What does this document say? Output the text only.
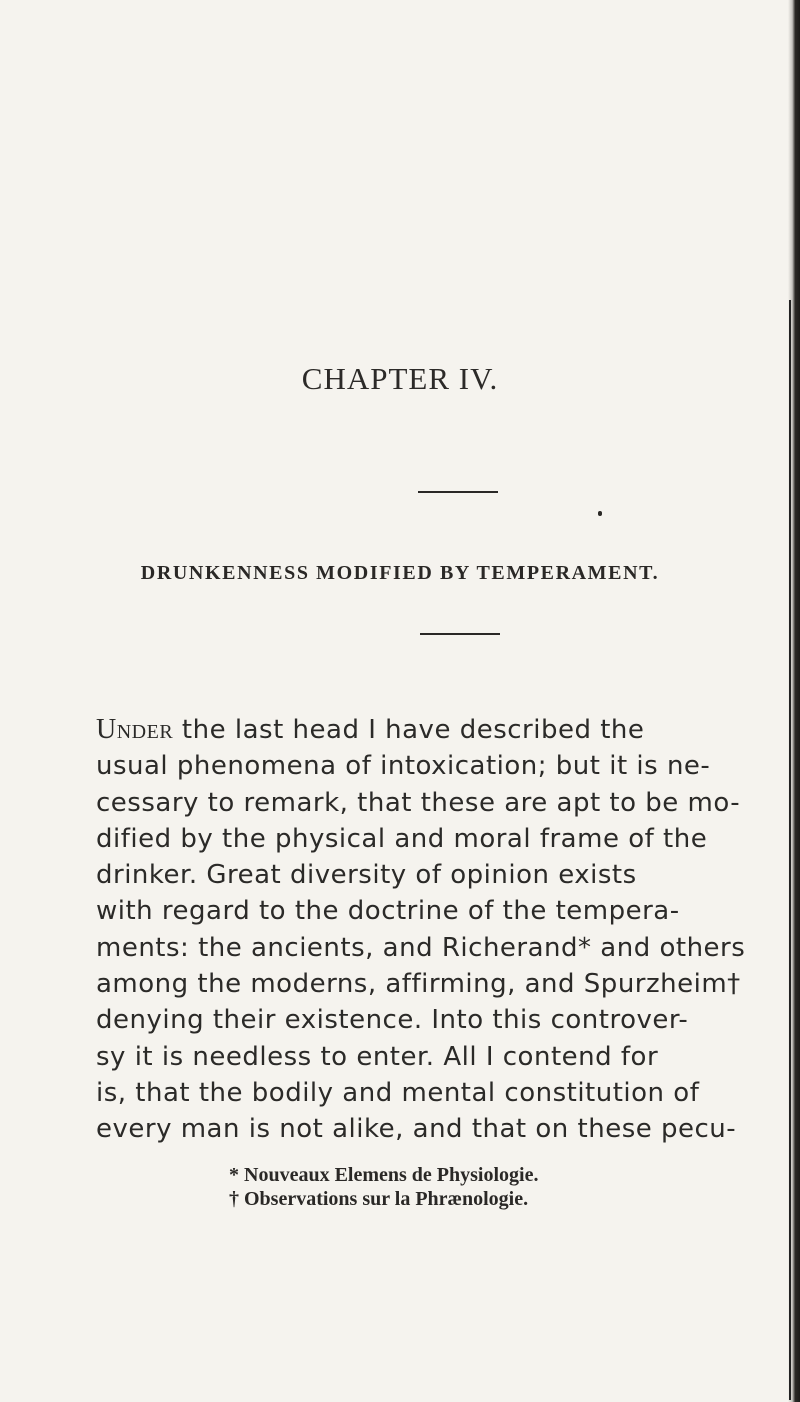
CHAPTER IV.
DRUNKENNESS MODIFIED BY TEMPERAMENT.

Under the last head I have described the
usual phenomena of intoxication; but it is ne-
cessary to remark, that these are apt to be mo-
dified by the physical and moral frame of the
drinker. Great diversity of opinion exists
with regard to the doctrine of the tempera-
ments: the ancients, and Richerand* and others
among the moderns, affirming, and Spurzheim†
denying their existence. Into this controver-
sy it is needless to enter. All I contend for
is, that the bodily and mental constitution of
every man is not alike, and that on these pecu-

* Nouveaux Elemens de Physiologie.
† Observations sur la Phrænologie.
